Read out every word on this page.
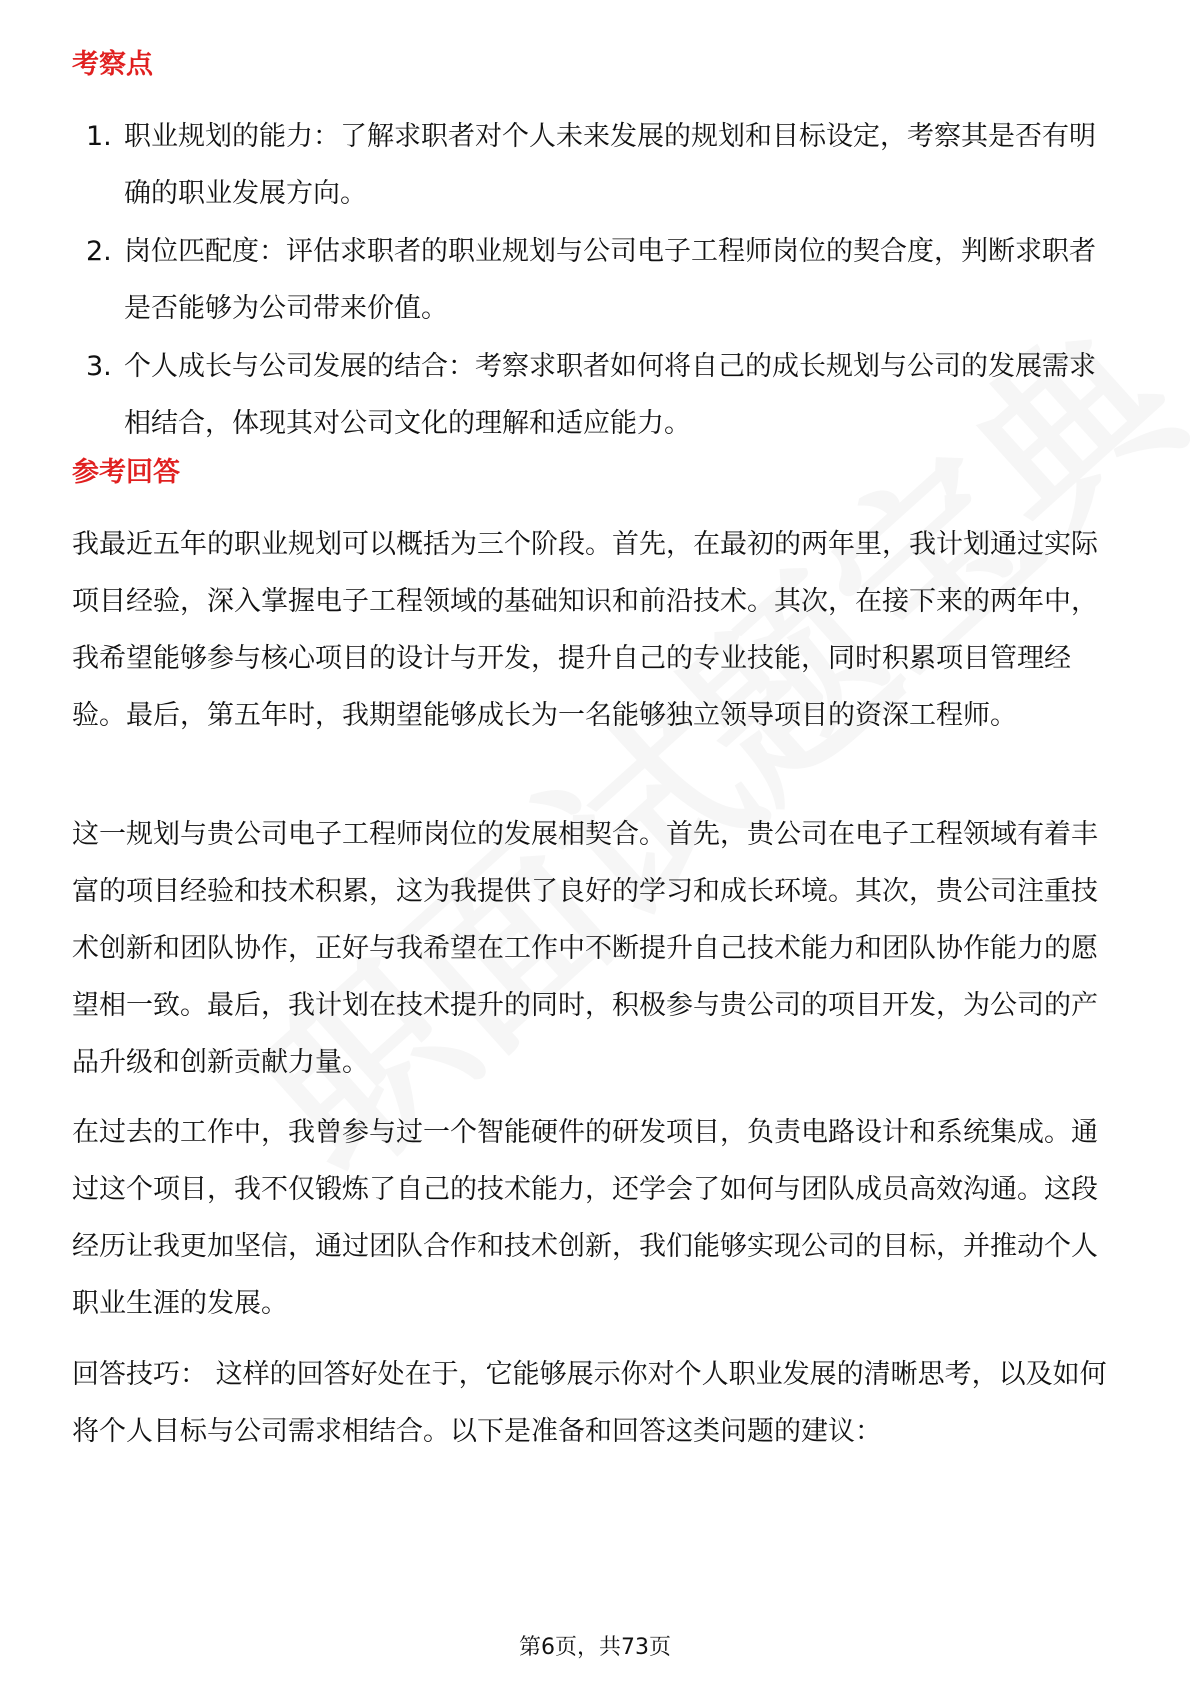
考察点
1. 职业规划的能力：了解求职者对个人未来发展的规划和目标设定，考察其是否有明确的职业发展方向。
2. 岗位匹配度：评估求职者的职业规划与公司电子工程师岗位的契合度，判断求职者是否能够为公司带来价值。
3. 个人成长与公司发展的结合：考察求职者如何将自己的成长规划与公司的发展需求相结合，体现其对公司文化的理解和适应能力。
参考回答

我最近五年的职业规划可以概括为三个阶段。首先，在最初的两年里，我计划通过实际项目经验，深入掌握电子工程领域的基础知识和前沿技术。其次，在接下来的两年中，我希望能够参与核心项目的设计与开发，提升自己的专业技能，同时积累项目管理经验。最后，第五年时，我期望能够成长为一名能够独立领导项目的资深工程师。

这一规划与贵公司电子工程师岗位的发展相契合。首先，贵公司在电子工程领域有着丰富的项目经验和技术积累，这为我提供了良好的学习和成长环境。其次，贵公司注重技术创新和团队协作，正好与我希望在工作中不断提升自己技术能力和团队协作能力的愿望相一致。最后，我计划在技术提升的同时，积极参与贵公司的项目开发，为公司的产品升级和创新贡献力量。

在过去的工作中，我曾参与过一个智能硬件的研发项目，负责电路设计和系统集成。通过这个项目，我不仅锻炼了自己的技术能力，还学会了如何与团队成员高效沟通。这段经历让我更加坚信，通过团队合作和技术创新，我们能够实现公司的目标，并推动个人职业生涯的发展。

回答技巧： 这样的回答好处在于，它能够展示你对个人职业发展的清晰思考，以及如何将个人目标与公司需求相结合。以下是准备和回答这类问题的建议：

第6页，共73页
